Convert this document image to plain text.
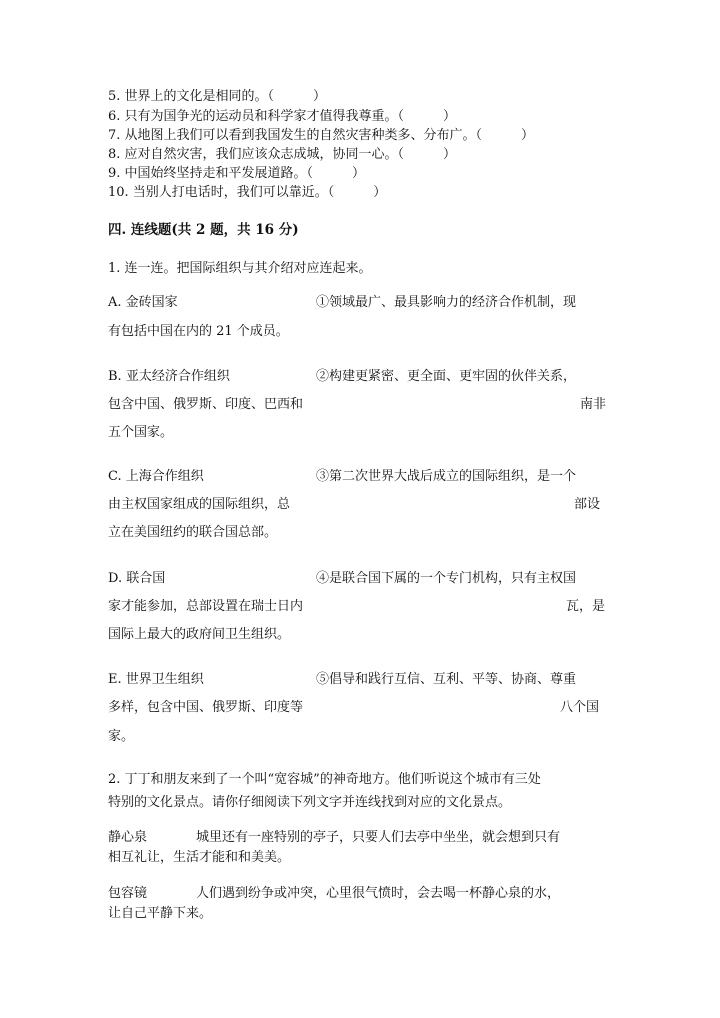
5. 世界上的文化是相同的。（　　　）
6. 只有为国争光的运动员和科学家才值得我尊重。（　　　）
7. 从地图上我们可以看到我国发生的自然灾害种类多、分布广。（　　　）
8. 应对自然灾害，我们应该众志成城，协同一心。（　　　）
9. 中国始终坚持走和平发展道路。（　　　）
10. 当别人打电话时，我们可以靠近。（　　　）
四. 连线题(共 2 题，共 16 分)
1. 连一连。把国际组织与其介绍对应连起来。
A. 金砖国家	①领域最广、最具影响力的经济合作机制，现
有包括中国在内的 21 个成员。
B. 亚太经济合作组织	②构建更紧密、更全面、更牢固的伙伴关系，
包含中国、俄罗斯、印度、巴西和	南非
五个国家。
C. 上海合作组织	③第二次世界大战后成立的国际组织，是一个
由主权国家组成的国际组织，总	部设
立在美国纽约的联合国总部。
D. 联合国	④是联合国下属的一个专门机构，只有主权国
家才能参加，总部设置在瑞士日内	瓦，是
国际上最大的政府间卫生组织。
E. 世界卫生组织	⑤倡导和践行互信、互利、平等、协商、尊重
多样，包含中国、俄罗斯、印度等	八个国
家。
2. 丁丁和朋友来到了一个叫“宽容城”的神奇地方。他们听说这个城市有三处
特别的文化景点。请你仔细阅读下列文字并连线找到对应的文化景点。
静心泉	城里还有一座特别的亭子，只要人们去亭中坐坐，就会想到只有
相互礼让，生活才能和和美美。
包容镜	人们遇到纷争或冲突，心里很气愤时，会去喝一杯静心泉的水，
让自己平静下来。
